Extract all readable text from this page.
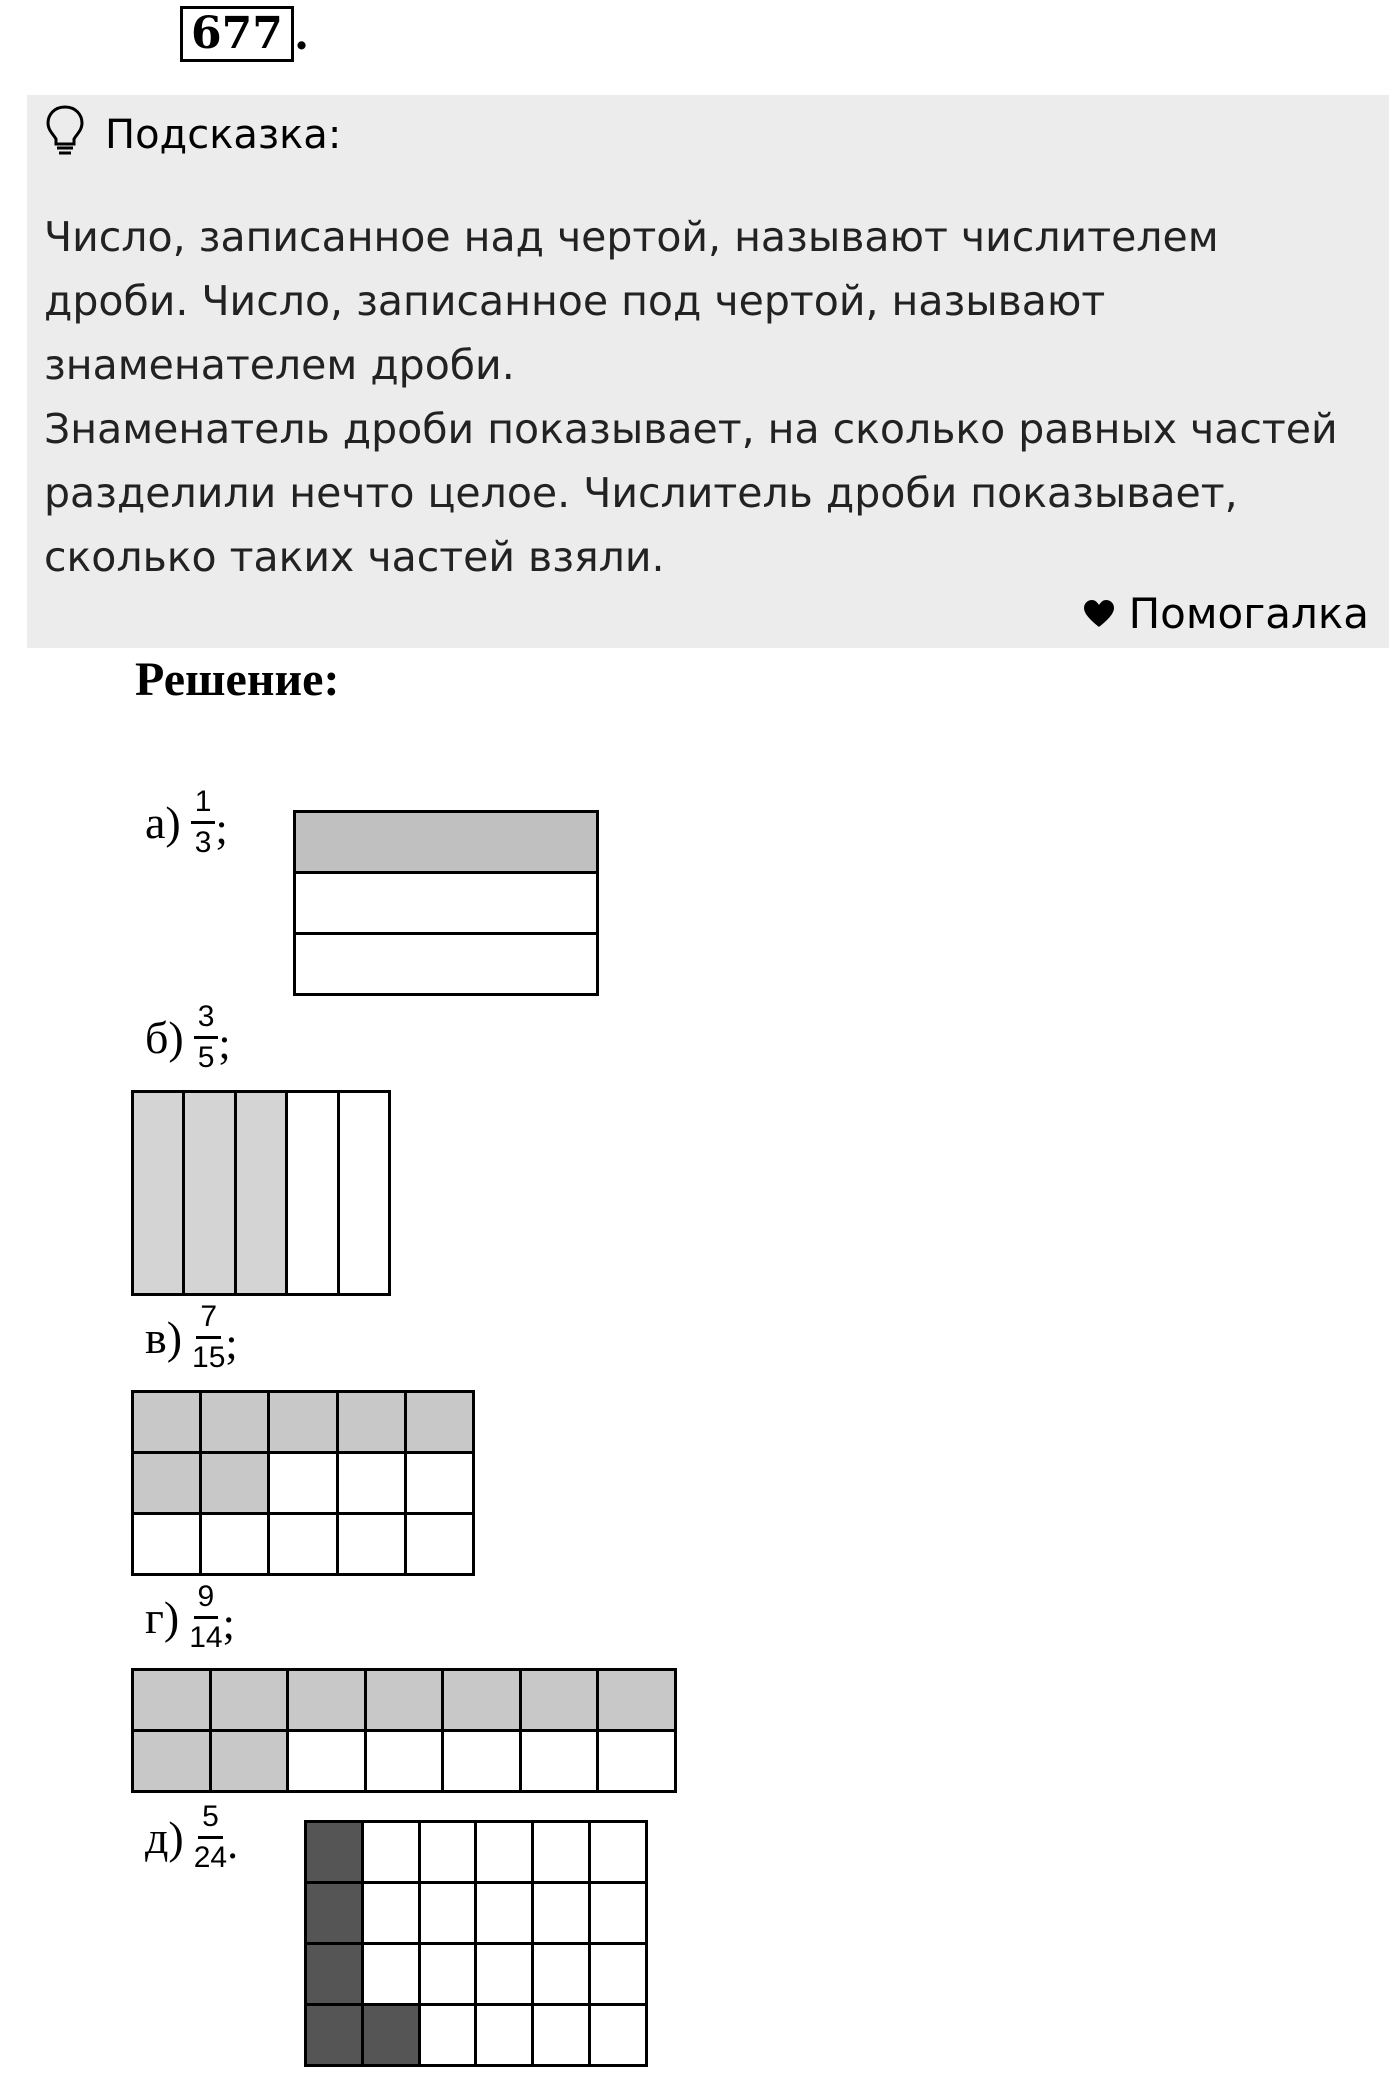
677 .
Подсказка:

Число, записанное над чертой, называют числителем дроби. Число, записанное под чертой, называют знаменателем дроби.

Знаменатель дроби показывает, на сколько равных частей разделили нечто целое. Числитель дроби показывает, сколько таких частей взяли.

Помогалка
Решение:
$а) \frac{1}{3}$ ;
$б) \frac{3}{5}$ ;
$в) \frac{7}{15}$ ;
$г) \frac{9}{14}$ ;
$д) \frac{5}{24}$ .
